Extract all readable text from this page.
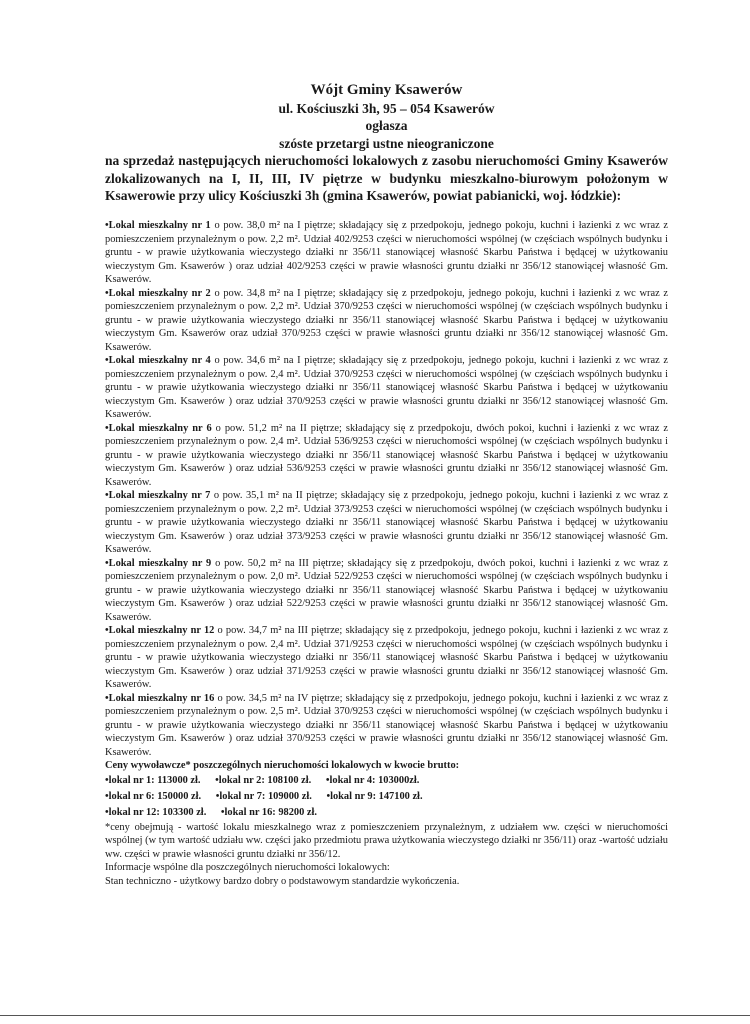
Wójt Gminy Ksawerów
ul. Kościuszki 3h, 95 – 054 Ksawerów
ogłasza
szóste przetargi ustne nieograniczone
na sprzedaż następujących nieruchomości lokalowych z zasobu nieruchomości Gminy Ksawerów zlokalizowanych na I, II, III, IV piętrze w budynku mieszkalno-biurowym położonym w Ksawerowie przy ulicy Kościuszki 3h (gmina Ksawerów, powiat pabianicki, woj. łódzkie):
•Lokal mieszkalny nr 1 o pow. 38,0 m² na I piętrze; składający się z przedpokoju, jednego pokoju, kuchni i łazienki z wc wraz z pomieszczeniem przynależnym o pow. 2,2 m². Udział 402/9253 części w nieruchomości wspólnej (w częściach wspólnych budynku i gruntu - w prawie użytkowania wieczystego działki nr 356/11 stanowiącej własność Skarbu Państwa i będącej w użytkowaniu wieczystym Gm. Ksawerów ) oraz udział 402/9253 części w prawie własności gruntu działki nr 356/12 stanowiącej własność Gm. Ksawerów.
•Lokal mieszkalny nr 2 o pow. 34,8 m² na I piętrze; składający się z przedpokoju, jednego pokoju, kuchni i łazienki z wc wraz z pomieszczeniem przynależnym o pow. 2,2 m². Udział 370/9253 części w nieruchomości wspólnej (w częściach wspólnych budynku i gruntu - w prawie użytkowania wieczystego działki nr 356/11 stanowiącej własność Skarbu Państwa i będącej w użytkowaniu wieczystym Gm. Ksawerów oraz udział 370/9253 części w prawie własności gruntu działki nr 356/12 stanowiącej własność Gm. Ksawerów.
•Lokal mieszkalny nr 4 o pow. 34,6 m² na I piętrze; składający się z przedpokoju, jednego pokoju, kuchni i łazienki z wc wraz z pomieszczeniem przynależnym o pow. 2,4 m². Udział 370/9253 części w nieruchomości wspólnej (w częściach wspólnych budynku i gruntu - w prawie użytkowania wieczystego działki nr 356/11 stanowiącej własność Skarbu Państwa i będącej w użytkowaniu wieczystym Gm. Ksawerów ) oraz udział 370/9253 części w prawie własności gruntu działki nr 356/12 stanowiącej własność Gm. Ksawerów.
•Lokal mieszkalny nr 6 o pow. 51,2 m² na II piętrze; składający się z przedpokoju, dwóch pokoi, kuchni i łazienki z wc wraz z pomieszczeniem przynależnym o pow. 2,4 m². Udział 536/9253 części w nieruchomości wspólnej (w częściach wspólnych budynku i gruntu - w prawie użytkowania wieczystego działki nr 356/11 stanowiącej własność Skarbu Państwa i będącej w użytkowaniu wieczystym Gm. Ksawerów ) oraz udział 536/9253 części w prawie własności gruntu działki nr 356/12 stanowiącej własność Gm. Ksawerów.
•Lokal mieszkalny nr 7 o pow. 35,1 m² na II piętrze; składający się z przedpokoju, jednego pokoju, kuchni i łazienki z wc wraz z pomieszczeniem przynależnym o pow. 2,2 m². Udział 373/9253 części w nieruchomości wspólnej (w częściach wspólnych budynku i gruntu - w prawie użytkowania wieczystego działki nr 356/11 stanowiącej własność Skarbu Państwa i będącej w użytkowaniu wieczystym Gm. Ksawerów ) oraz udział 373/9253 części w prawie własności gruntu działki nr 356/12 stanowiącej własność Gm. Ksawerów.
•Lokal mieszkalny nr 9 o pow. 50,2 m² na III piętrze; składający się z przedpokoju, dwóch pokoi, kuchni i łazienki z wc wraz z pomieszczeniem przynależnym o pow. 2,0 m². Udział 522/9253 części w nieruchomości wspólnej (w częściach wspólnych budynku i gruntu - w prawie użytkowania wieczystego działki nr 356/11 stanowiącej własność Skarbu Państwa i będącej w użytkowaniu wieczystym Gm. Ksawerów ) oraz udział 522/9253 części w prawie własności gruntu działki nr 356/12 stanowiącej własność Gm. Ksawerów.
•Lokal mieszkalny nr 12 o pow. 34,7 m² na III piętrze; składający się z przedpokoju, jednego pokoju, kuchni i łazienki z wc wraz z pomieszczeniem przynależnym o pow. 2,4 m². Udział 371/9253 części w nieruchomości wspólnej (w częściach wspólnych budynku i gruntu - w prawie użytkowania wieczystego działki nr 356/11 stanowiącej własność Skarbu Państwa i będącej w użytkowaniu wieczystym Gm. Ksawerów ) oraz udział 371/9253 części w prawie własności gruntu działki nr 356/12 stanowiącej własność Gm. Ksawerów.
•Lokal mieszkalny nr 16 o pow. 34,5 m² na IV piętrze; składający się z przedpokoju, jednego pokoju, kuchni i łazienki z wc wraz z pomieszczeniem przynależnym o pow. 2,5 m². Udział 370/9253 części w nieruchomości wspólnej (w częściach wspólnych budynku i gruntu - w prawie użytkowania wieczystego działki nr 356/11 stanowiącej własność Skarbu Państwa i będącej w użytkowaniu wieczystym Gm. Ksawerów ) oraz udział 370/9253 części w prawie własności gruntu działki nr 356/12 stanowiącej własność Gm. Ksawerów.
Ceny wywoławcze* poszczególnych nieruchomości lokalowych w kwocie brutto:
•lokal nr 1: 113000 zł. •lokal nr 2: 108100 zł. •lokal nr 4: 103000zł.
•lokal nr 6: 150000 zł. •lokal nr 7: 109000 zł. •lokal nr 9: 147100 zł.
•lokal nr 12: 103300 zł. •lokal nr 16: 98200 zł.
*ceny obejmują - wartość lokalu mieszkalnego wraz z pomieszczeniem przynależnym, z udziałem ww. części w nieruchomości wspólnej (w tym wartość udziału ww. części jako przedmiotu prawa użytkowania wieczystego działki nr 356/11) oraz -wartość udziału ww. części w prawie własności gruntu działki nr 356/12.
Informacje wspólne dla poszczególnych nieruchomości lokalowych:
Stan techniczno - użytkowy bardzo dobry o podstawowym standardzie wykończenia.
